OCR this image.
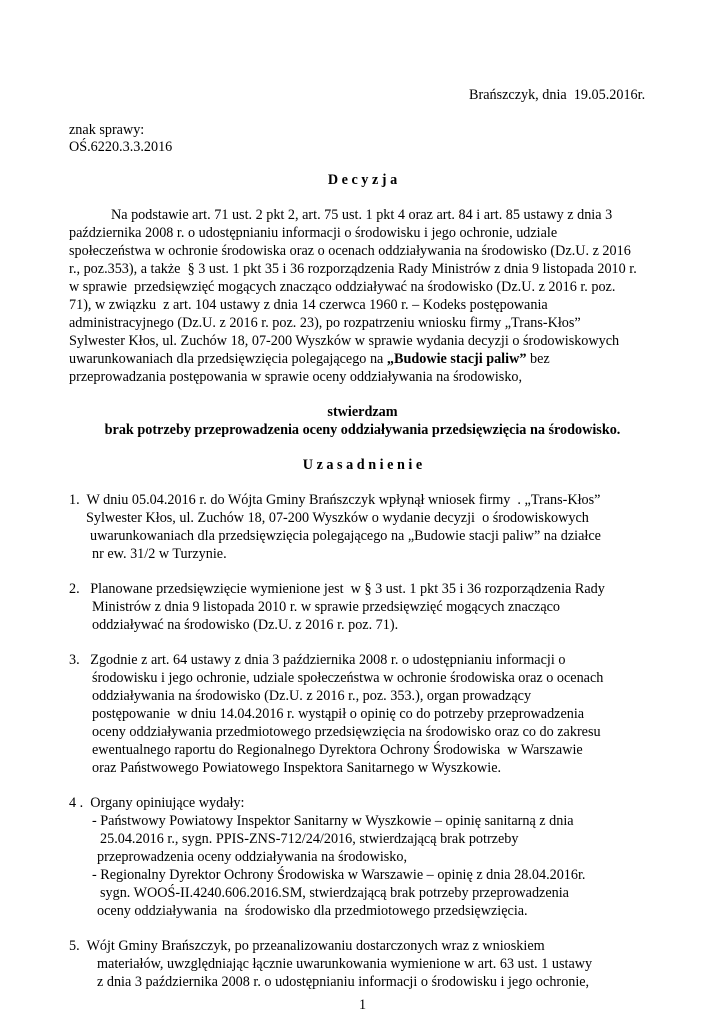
Brańszczyk, dnia  19.05.2016r.
znak sprawy:
OŚ.6220.3.3.2016
D e c y z j a
Na podstawie art. 71 ust. 2 pkt 2, art. 75 ust. 1 pkt 4 oraz art. 84 i art. 85 ustawy z dnia 3
października 2008 r. o udostępnianiu informacji o środowisku i jego ochronie, udziale
społeczeństwa w ochronie środowiska oraz o ocenach oddziaływania na środowisko (Dz.U. z 2016
r., poz.353), a także  § 3 ust. 1 pkt 35 i 36 rozporządzenia Rady Ministrów z dnia 9 listopada 2010 r.
w sprawie  przedsięwzięć mogących znacząco oddziaływać na środowisko (Dz.U. z 2016 r. poz.
71), w związku  z art. 104 ustawy z dnia 14 czerwca 1960 r. – Kodeks postępowania
administracyjnego (Dz.U. z 2016 r. poz. 23), po rozpatrzeniu wniosku firmy „Trans-Kłos”
Sylwester Kłos, ul. Zuchów 18, 07-200 Wyszków w sprawie wydania decyzji o środowiskowych
uwarunkowaniach dla przedsięwzięcia polegającego na „Budowie stacji paliw” bez
przeprowadzania postępowania w sprawie oceny oddziaływania na środowisko,
stwierdzam
brak potrzeby przeprowadzenia oceny oddziaływania przedsięwzięcia na środowisko.
U z a s a d n i e n i e
1.  W dniu 05.04.2016 r. do Wójta Gminy Brańszczyk wpłynął wniosek firmy  . „Trans-Kłos”
Sylwester Kłos, ul. Zuchów 18, 07-200 Wyszków o wydanie decyzji  o środowiskowych
uwarunkowaniach dla przedsięwzięcia polegającego na „Budowie stacji paliw” na działce
nr ew. 31/2 w Turzynie.
2.   Planowane przedsięwzięcie wymienione jest  w § 3 ust. 1 pkt 35 i 36 rozporządzenia Rady
Ministrów z dnia 9 listopada 2010 r. w sprawie przedsięwzięć mogących znacząco
oddziaływać na środowisko (Dz.U. z 2016 r. poz. 71).
3.   Zgodnie z art. 64 ustawy z dnia 3 października 2008 r. o udostępnianiu informacji o
środowisku i jego ochronie, udziale społeczeństwa w ochronie środowiska oraz o ocenach
oddziaływania na środowisko (Dz.U. z 2016 r., poz. 353.), organ prowadzący
postępowanie  w dniu 14.04.2016 r. wystąpił o opinię co do potrzeby przeprowadzenia
oceny oddziaływania przedmiotowego przedsięwzięcia na środowisko oraz co do zakresu
ewentualnego raportu do Regionalnego Dyrektora Ochrony Środowiska  w Warszawie
oraz Państwowego Powiatowego Inspektora Sanitarnego w Wyszkowie.
4 .  Organy opiniujące wydały:
- Państwowy Powiatowy Inspektor Sanitarny w Wyszkowie – opinię sanitarną z dnia
25.04.2016 r., sygn. PPIS-ZNS-712/24/2016, stwierdzającą brak potrzeby
przeprowadzenia oceny oddziaływania na środowisko,
- Regionalny Dyrektor Ochrony Środowiska w Warszawie – opinię z dnia 28.04.2016r.
sygn. WOOŚ-II.4240.606.2016.SM, stwierdzającą brak potrzeby przeprowadzenia
oceny oddziaływania  na  środowisko dla przedmiotowego przedsięwzięcia.
5.  Wójt Gminy Brańszczyk, po przeanalizowaniu dostarczonych wraz z wnioskiem
materiałów, uwzględniając łącznie uwarunkowania wymienione w art. 63 ust. 1 ustawy
z dnia 3 października 2008 r. o udostępnianiu informacji o środowisku i jego ochronie,
1
